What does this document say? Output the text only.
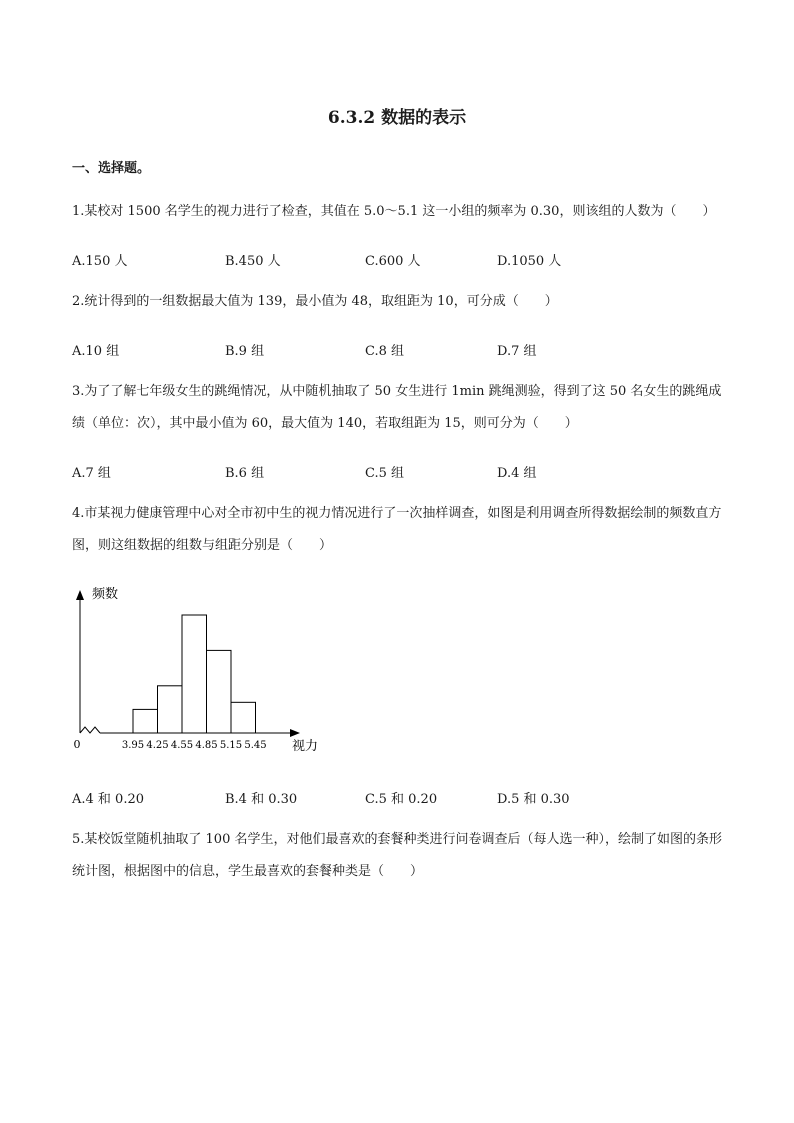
6.3.2 数据的表示
一、选择题。
1.某校对 1500 名学生的视力进行了检查，其值在 5.0～5.1 这一小组的频率为 0.30，则该组的人数为（　　）
A.150 人	B.450 人	C.600 人	D.1050 人
2.统计得到的一组数据最大值为 139，最小值为 48，取组距为 10，可分成（　　）
A.10 组	B.9 组	C.8 组	D.7 组
3.为了了解七年级女生的跳绳情况，从中随机抽取了 50 女生进行 1min 跳绳测验，得到了这 50 名女生的跳绳成绩（单位：次），其中最小值为 60，最大值为 140，若取组距为 15，则可分为（　　）
A.7 组	B.6 组	C.5 组	D.4 组
4.市某视力健康管理中心对全市初中生的视力情况进行了一次抽样调查，如图是利用调查所得数据绘制的频数直方图，则这组数据的组数与组距分别是（　　）
3.95 4.25 4.55 4.85 5.15 5.45
0
频数
视力
A.4 和 0.20	B.4 和 0.30	C.5 和 0.20	D.5 和 0.30
5.某校饭堂随机抽取了 100 名学生，对他们最喜欢的套餐种类进行问卷调查后（每人选一种），绘制了如图的条形统计图，根据图中的信息，学生最喜欢的套餐种类是（　　）
